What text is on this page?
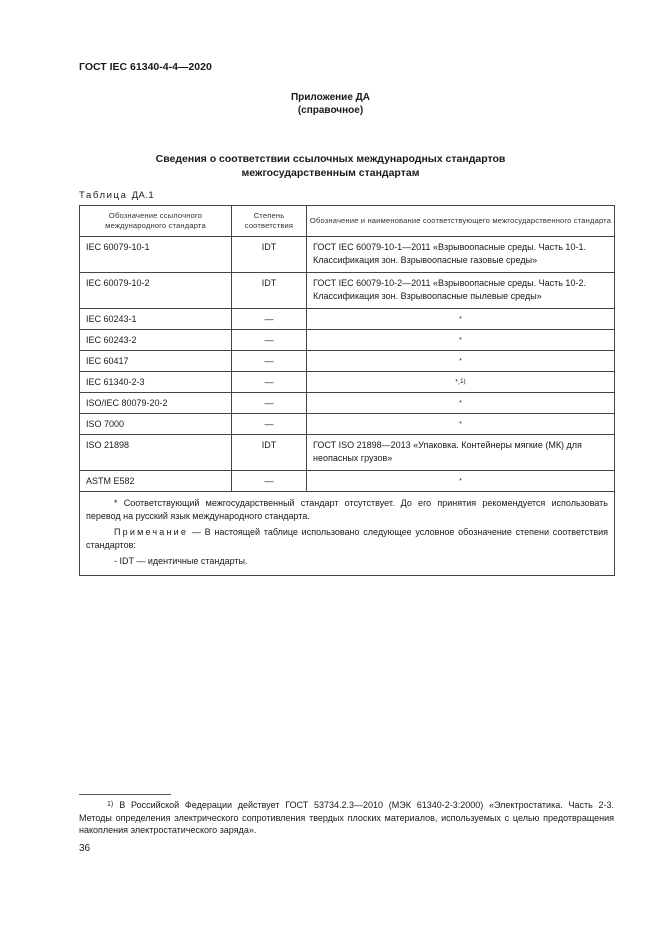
ГОСТ IEC 61340-4-4—2020
Приложение ДА
(справочное)
Сведения о соответствии ссылочных международных стандартов
межгосударственным стандартам
Таблица ДА.1
Обозначение ссылочного международного стандарта	Степень соответствия	Обозначение и наименование соответствующего межгосударственного стандарта

IEC 60079-10-1	IDT	ГОСТ IEC 60079-10-1—2011 «Взрывоопасные среды. Часть 10-1. Классификация зон. Взрывоопасные газовые среды»

IEC 60079-10-2	IDT	ГОСТ IEC 60079-10-2—2011 «Взрывоопасные среды. Часть 10-2. Классификация зон. Взрывоопасные пылевые среды»

IEC 60243-1	—	*

IEC 60243-2	—	*

IEC 60417	—	*

IEC 61340-2-3	—	*,$^{1)}$

ISO/IEC 80079-20-2	—	*

ISO 7000	—	*

ISO 21898	IDT	ГОСТ ISO 21898—2013 «Упаковка. Контейнеры мягкие (МК) для неопасных грузов»

ASTM E582	—	*

* Соответствующий межгосударственный стандарт отсутствует. До его принятия рекомендуется использовать перевод на русский язык международного стандарта.
Примечание — В настоящей таблице использовано следующее условное обозначение степени соответствия стандартов:
- IDT — идентичные стандарты.		
1) В Российской Федерации действует ГОСТ 53734.2.3—2010 (МЭК 61340-2-3:2000) «Электростатика. Часть 2-3. Методы определения электрического сопротивления твердых плоских материалов, используемых с целью предотвращения накопления электростатического заряда».
36
